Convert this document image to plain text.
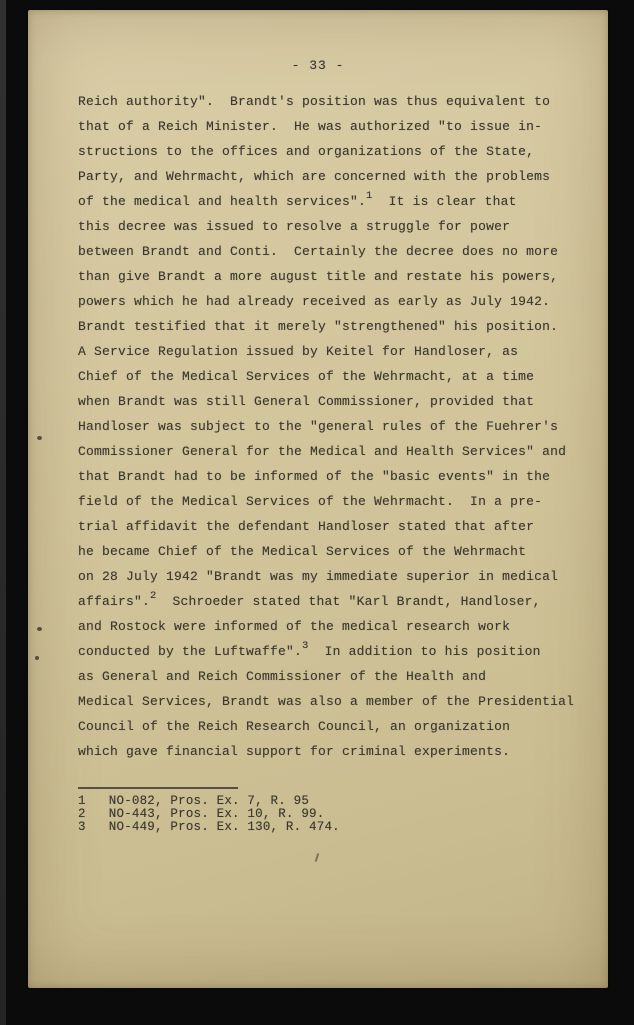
- 33 -
Reich authority".  Brandt's position was thus equivalent to
that of a Reich Minister.  He was authorized "to issue in-
structions to the offices and organizations of the State,
Party, and Wehrmacht, which are concerned with the problems
of the medical and health services".$^1$  It is clear that
this decree was issued to resolve a struggle for power
between Brandt and Conti.  Certainly the decree does no more
than give Brandt a more august title and restate his powers,
powers which he had already received as early as July 1942.
Brandt testified that it merely "strengthened" his position.
A Service Regulation issued by Keitel for Handloser, as
Chief of the Medical Services of the Wehrmacht, at a time
when Brandt was still General Commissioner, provided that
Handloser was subject to the "general rules of the Fuehrer's
Commissioner General for the Medical and Health Services" and
that Brandt had to be informed of the "basic events" in the
field of the Medical Services of the Wehrmacht.  In a pre-
trial affidavit the defendant Handloser stated that after
he became Chief of the Medical Services of the Wehrmacht
on 28 July 1942 "Brandt was my immediate superior in medical
affairs".$^2$  Schroeder stated that "Karl Brandt, Handloser,
and Rostock were informed of the medical research work
conducted by the Luftwaffe".$^3$  In addition to his position
as General and Reich Commissioner of the Health and
Medical Services, Brandt was also a member of the Presidential
Council of the Reich Research Council, an organization
which gave financial support for criminal experiments.
1   NO-082, Pros. Ex. 7, R. 95
2   NO-443, Pros. Ex. 10, R. 99.
3   NO-449, Pros. Ex. 130, R. 474.
